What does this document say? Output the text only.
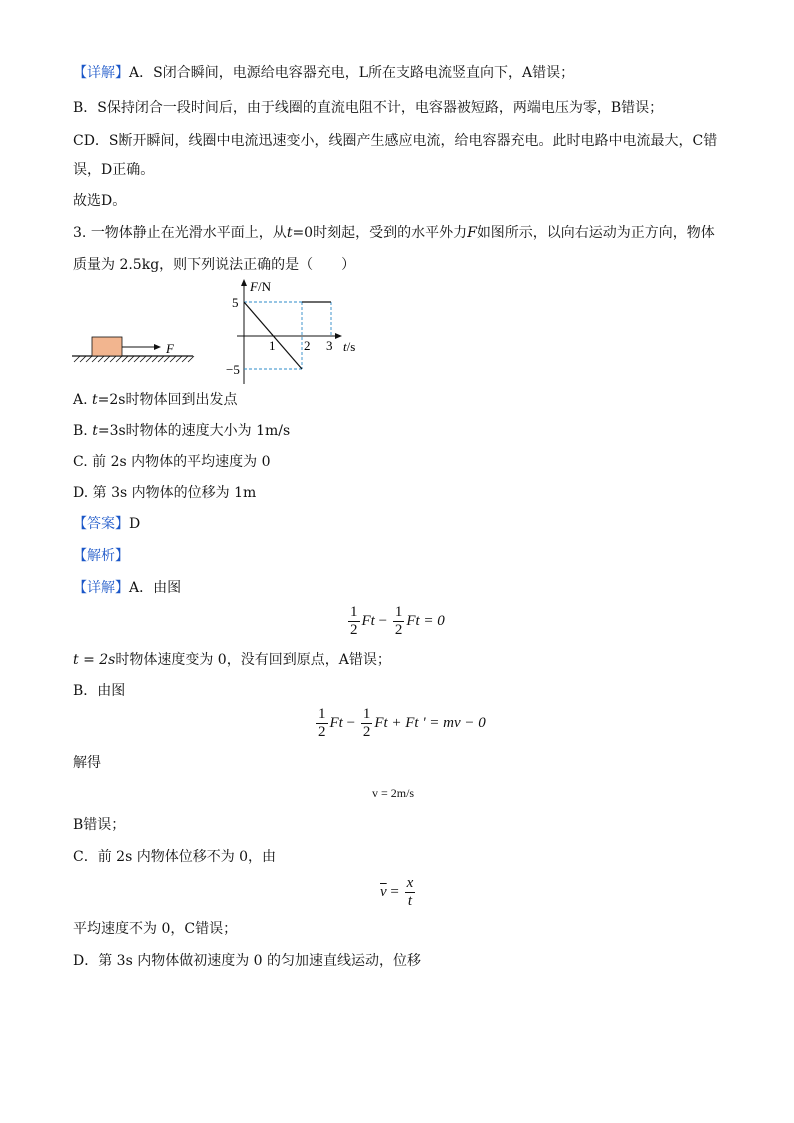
【详解】A．S闭合瞬间，电源给电容器充电，L所在支路电流竖直向下，A错误；
B．S保持闭合一段时间后，由于线圈的直流电阻不计，电容器被短路，两端电压为零，B错误；
CD．S断开瞬间，线圈中电流迅速变小，线圈产生感应电流，给电容器充电。此时电路中电流最大，C错
误，D正确。
故选D。
3. 一物体静止在光滑水平面上，从t=0时刻起，受到的水平外力F如图所示，以向右运动为正方向，物体
质量为 2.5kg，则下列说法正确的是（　　）
F
F/N
t/s
5
−5
1 2 3
A. t=2s时物体回到出发点
B. t=3s时物体的速度大小为 1m/s
C. 前 2s 内物体的平均速度为 0
D. 第 3s 内物体的位移为 1m
【答案】D
【解析】
【详解】A．由图
$\frac{1}{2}$ $Ft - \frac{1}{2}$ Ft = 0
t = 2s时物体速度变为 0，没有回到原点，A错误；
B．由图
$\frac{1}{2}$ $Ft - \frac{1}{2}$ Ft + Ft ' = mv − 0
解得
v = 2m/s
B错误；
C．前 2s 内物体位移不为 0，由
$\overline{v} = \frac{x}{t}$
平均速度不为 0，C错误；
D．第 3s 内物体做初速度为 0 的匀加速直线运动，位移
